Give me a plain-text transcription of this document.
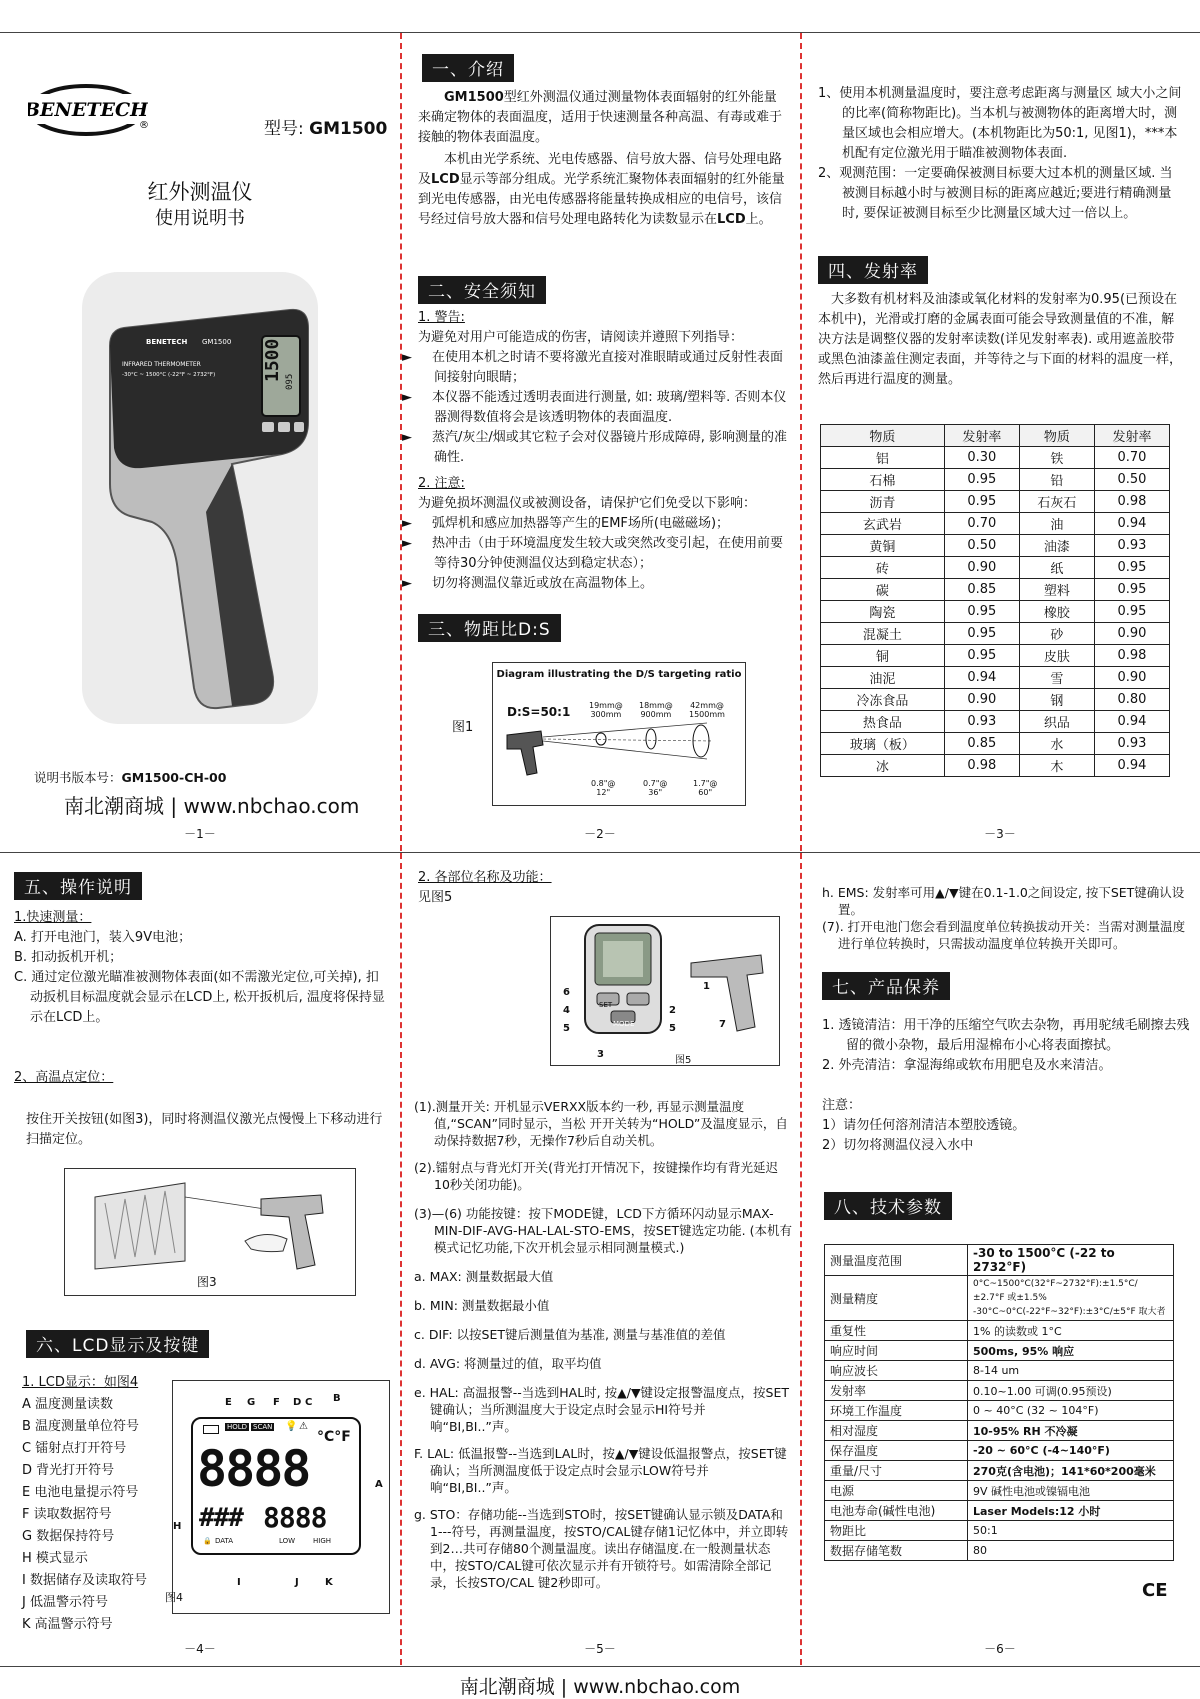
BENETECH
®	型号: GM1500
红外测温仪
使用说明书
1500 095
BENETECH GM1500
INFRARED THERMOMETER
-30°C ~ 1500°C (-22°F ~ 2732°F)
说明书版本号：GM1500-CH-00
南北潮商城 | www.nbchao.com
－1－
一、介绍
GM1500型红外测温仪通过测量物体表面辐射的红外能量来确定物体的表面温度，适用于快速测量各种高温、有毒或难于接触的物体表面温度。
本机由光学系统、光电传感器、信号放大器、信号处理电路及LCD显示等部分组成。光学系统汇聚物体表面辐射的红外能量到光电传感器，由光电传感器将能量转换成相应的电信号，该信号经过信号放大器和信号处理电路转化为读数显示在LCD上。
二、安全须知
1. 警告:
为避免对用户可能造成的伤害，请阅读并遵照下列指导：
► 在使用本机之时请不要将激光直接对准眼睛或通过反射性表面间接射向眼睛；
► 本仪器不能透过透明表面进行测量, 如: 玻璃/塑料等. 否则本仪器测得数值将会是该透明物体的表面温度.
► 蒸汽/灰尘/烟或其它粒子会对仪器镜片形成障碍, 影响测量的准确性.
2. 注意:
为避免损坏测温仪或被测设备，请保护它们免受以下影响：
► 弧焊机和感应加热器等产生的EMF场所(电磁磁场)；
► 热冲击（由于环境温度发生较大或突然改变引起，在使用前要等待30分钟使测温仪达到稳定状态）；
► 切勿将测温仪靠近或放在高温物体上。
三、物距比D:S
图1
Diagram illustrating the D/S targeting ratio
D:S=50:1 19mm@
300mm
18mm@
900mm
42mm@
1500mm
0.8"@
12"
0.7"@
36"
1.7"@
60"
－2－
1、使用本机测量温度时，要注意考虑距离与测量区 域大小之间的比率(简称物距比)。当本机与被测物体的距离增大时，测量区域也会相应增大。(本机物距比为50:1, 见图1)，***本机配有定位激光用于瞄准被测物体表面.
2、观测范围：一定要确保被测目标要大过本机的测量区域. 当被测目标越小时与被测目标的距离应越近;要进行精确测量时, 要保证被测目标至少比测量区域大过一倍以上。
四、发射率
大多数有机材料及油漆或氧化材料的发射率为0.95(已预设在本机中)，光滑或打磨的金属表面可能会导致测量值的不准，解决方法是调整仪器的发射率读数(详见发射率表). 或用遮盖胶带或黑色油漆盖住测定表面，并等待之与下面的材料的温度一样，然后再进行温度的测量。
物质	发射率	物质	发射率
铝	0.30	铁	0.70
石棉	0.95	铅	0.50
沥青	0.95	石灰石	0.98
玄武岩	0.70	油	0.94
黄铜	0.50	油漆	0.93
砖	0.90	纸	0.95
碳	0.85	塑料	0.95
陶瓷	0.95	橡胶	0.95
混凝土	0.95	砂	0.90
铜	0.95	皮肤	0.98
油泥	0.94	雪	0.90
冷冻食品	0.90	钢	0.80
热食品	0.93	织品	0.94
玻璃（板）	0.85	水	0.93
冰	0.98	木	0.94
－3－
五、操作说明
1.快速测量：
A. 打开电池门，装入9V电池；
B. 扣动扳机开机；
C. 通过定位激光瞄准被测物体表面(如不需激光定位,可关掉), 扣动扳机目标温度就会显示在LCD上, 松开扳机后, 温度将保持显示在LCD上。
2、高温点定位：
按住开关按钮(如图3)，同时将测温仪激光点慢慢上下移动进行扫描定位。
图3
六、LCD显示及按键
1. LCD显示：如图4
A 温度测量读数
B 温度测量单位符号
C 镭射点打开符号
D 背光打开符号
E 电池电量提示符号
F 读取数据符号
G 数据保持符号
H 模式显示
I 数据储存及读取符号
J 低温警示符号
K 高温警示符号
E G F D C B
A
H
I	J	K
HOLD SCAN 💡 ⚠
°C°F
8888
### 8888
🔒 DATA	LOW	HIGH
图4
－4－
2. 各部位名称及功能：
见图5
SET
MODE
6
4
5
3
2
5
1
7
图5
(1).测量开关: 开机显示VERXX版本约一秒, 再显示测量温度值,“SCAN”同时显示，当松 开开关转为“HOLD”及温度显示，自动保持数据7秒，无操作7秒后自动关机。
(2).镭射点与背光灯开关(背光打开情况下，按键操作均有背光延迟10秒关闭功能)。
(3)—(6) 功能按键：按下MODE键，LCD下方循环闪动显示MAX-MIN-DIF-AVG-HAL-LAL-STO-EMS，按SET键选定功能. (本机有模式记忆功能,下次开机会显示相同测量模式.)
a. MAX: 测量数据最大值
b. MIN: 测量数据最小值
c. DIF: 以按SET键后测量值为基准, 测量与基准值的差值
d. AVG: 将测量过的值，取平均值
e. HAL: 高温报警--当选到HAL时, 按▲/▼键设定报警温度点，按SET键确认；当所测温度大于设定点时会显示HI符号并响“BI,BI..”声。
F. LAL: 低温报警--当选到LAL时，按▲/▼键设低温报警点，按SET键确认；当所测温度低于设定点时会显示LOW符号并响“BI,BI..”声。
g. STO：存储功能--当选到STO时，按SET键确认显示锁及DATA和1---符号，再测量温度，按STO/CAL键存储1记忆体中，并立即转到2…共可存储80个测量温度。读出存储温度.在一般测量状态中，按STO/CAL键可依次显示并有开锁符号。如需清除全部记录，长按STO/CAL 键2秒即可。
－5－
h. EMS: 发射率可用▲/▼键在0.1-1.0之间设定, 按下SET键确认设置。
(7). 打开电池门您会看到温度单位转换拔动开关：当需对测量温度进行单位转换时，只需拔动温度单位转换开关即可。
七、产品保养
1. 透镜清洁：用干净的压缩空气吹去杂物，再用驼绒毛刷擦去残留的微小杂物，最后用湿棉布小心将表面擦拭。
2. 外壳清洁：拿湿海绵或软布用肥皂及水来清洁。
注意：
1）请勿任何溶剂清洁本塑胶透镜。
2）切勿将测温仪浸入水中
八、技术参数
测量温度范围	-30 to 1500°C (-22 to 2732°F)
测量精度	0°C~1500°C(32°F~2732°F):±1.5°C/±2.7°F 或±1.5%
-30°C~0°C(-22°F~32°F):±3°C/±5°F 取大者
重复性	1% 的读数或 1°C
响应时间	500ms, 95% 响应
响应波长	8-14 um
发射率	0.10~1.00 可调(0.95预设)
环境工作温度	0 ~ 40°C (32 ~ 104°F)
相对湿度	10-95% RH 不冷凝
保存温度	-20 ~ 60°C (-4~140°F)
重量/尺寸	270克(含电池)；141*60*200毫米
电源	9V 碱性电池或镍镉电池
电池寿命(碱性电池)	Laser Models:12 小时
物距比	50:1
数据存储笔数	80
CE
－6－
南北潮商城 | www.nbchao.com
